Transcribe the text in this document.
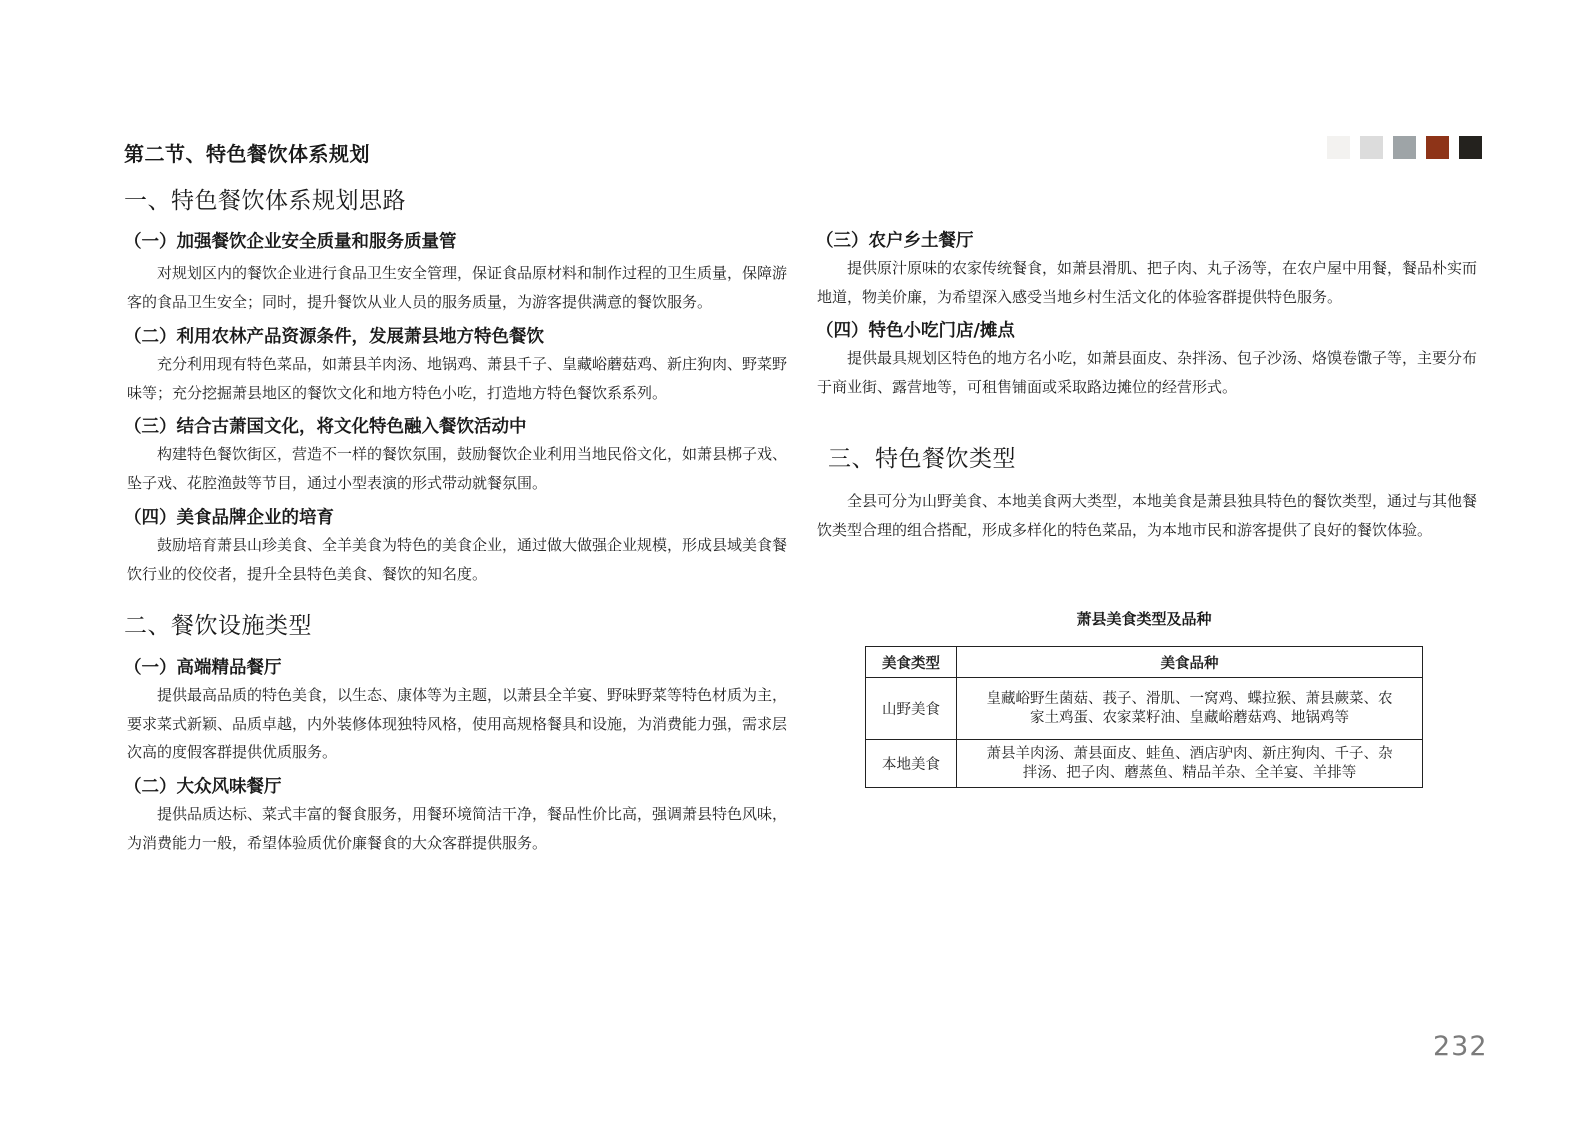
第二节、特色餐饮体系规划
一、特色餐饮体系规划思路
（一）加强餐饮企业安全质量和服务质量管
对规划区内的餐饮企业进行食品卫生安全管理，保证食品原材料和制作过程的卫生质量，保障游客的食品卫生安全；同时，提升餐饮从业人员的服务质量，为游客提供满意的餐饮服务。
（二）利用农林产品资源条件，发展萧县地方特色餐饮
充分利用现有特色菜品，如萧县羊肉汤、地锅鸡、萧县千子、皇藏峪蘑菇鸡、新庄狗肉、野菜野味等；充分挖掘萧县地区的餐饮文化和地方特色小吃，打造地方特色餐饮系系列。
（三）结合古萧国文化，将文化特色融入餐饮活动中
构建特色餐饮街区，营造不一样的餐饮氛围，鼓励餐饮企业利用当地民俗文化，如萧县梆子戏、坠子戏、花腔渔鼓等节目，通过小型表演的形式带动就餐氛围。
（四）美食品牌企业的培育
鼓励培育萧县山珍美食、全羊美食为特色的美食企业，通过做大做强企业规模，形成县域美食餐饮行业的佼佼者，提升全县特色美食、餐饮的知名度。
二、餐饮设施类型
（一）高端精品餐厅
提供最高品质的特色美食，以生态、康体等为主题，以萧县全羊宴、野味野菜等特色材质为主，要求菜式新颖、品质卓越，内外装修体现独特风格，使用高规格餐具和设施，为消费能力强，需求层次高的度假客群提供优质服务。
（二）大众风味餐厅
提供品质达标、菜式丰富的餐食服务，用餐环境简洁干净，餐品性价比高，强调萧县特色风味，为消费能力一般，希望体验质优价廉餐食的大众客群提供服务。
（三）农户乡土餐厅
提供原汁原味的农家传统餐食，如萧县滑肌、把子肉、丸子汤等，在农户屋中用餐，餐品朴实而地道，物美价廉，为希望深入感受当地乡村生活文化的体验客群提供特色服务。
（四）特色小吃门店/摊点
提供最具规划区特色的地方名小吃，如萧县面皮、杂拌汤、包子沙汤、烙馍卷馓子等，主要分布于商业街、露营地等，可租售铺面或采取路边摊位的经营形式。
三、特色餐饮类型
全县可分为山野美食、本地美食两大类型，本地美食是萧县独具特色的餐饮类型，通过与其他餐饮类型合理的组合搭配，形成多样化的特色菜品，为本地市民和游客提供了良好的餐饮体验。
萧县美食类型及品种
美食类型	美食品种
山野美食	皇藏峪野生菌菇、莪子、滑肌、一窝鸡、蝶拉猴、萧县蕨菜、农
家土鸡蛋、农家菜籽油、皇藏峪蘑菇鸡、地锅鸡等

本地美食	萧县羊肉汤、萧县面皮、蛙鱼、酒店驴肉、新庄狗肉、千子、杂
拌汤、把子肉、蘑蒸鱼、精品羊杂、全羊宴、羊排等
232
